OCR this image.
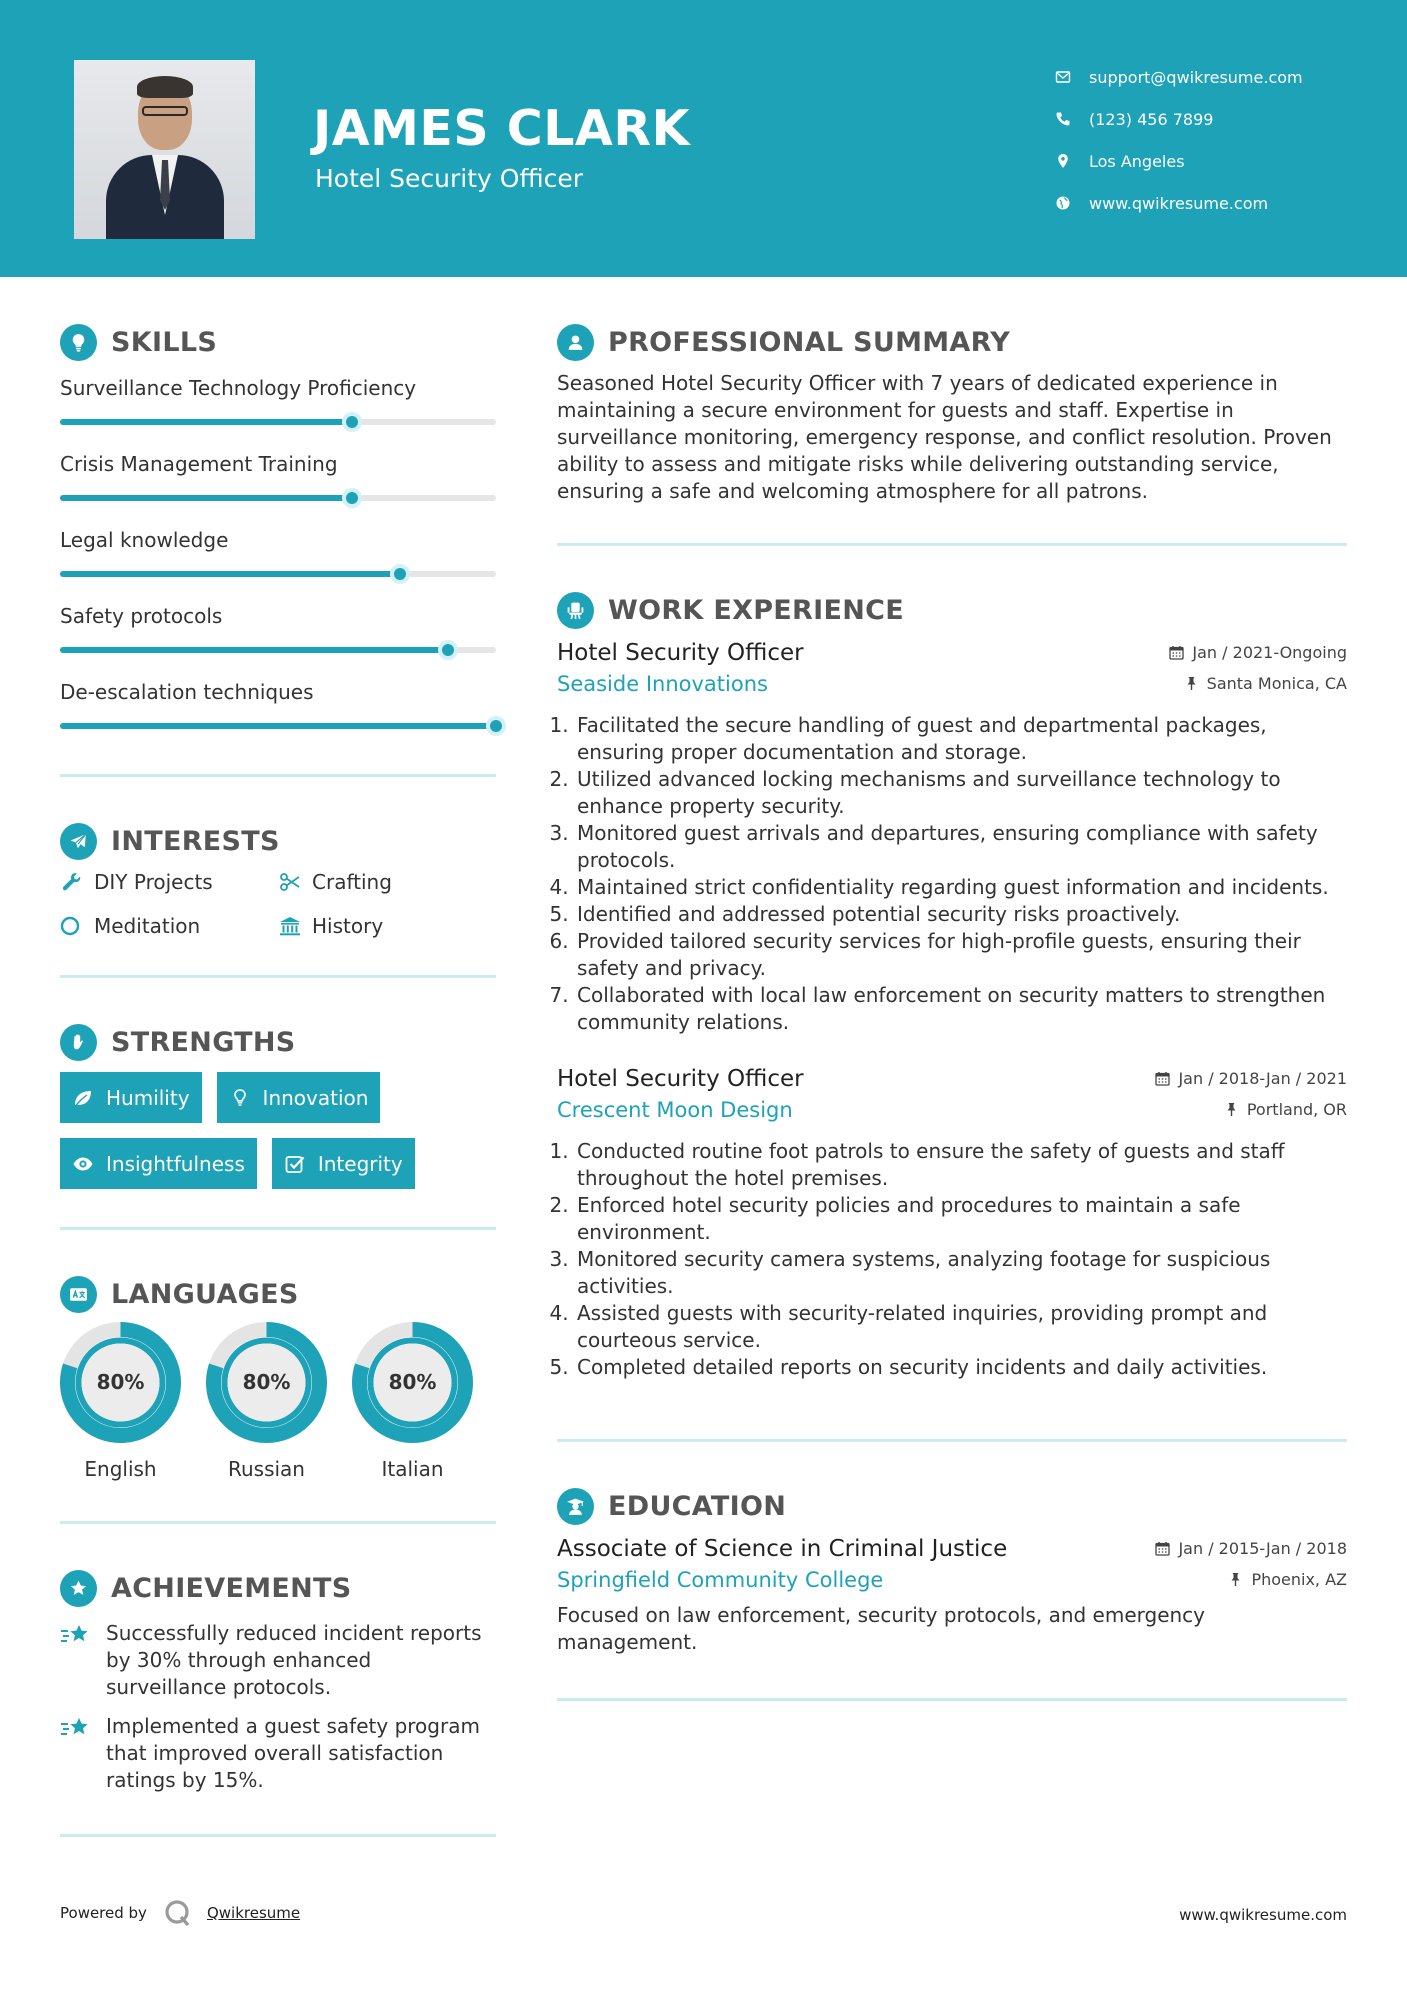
JAMES CLARK
Hotel Security Officer
support@qwikresume.com
(123) 456 7899
Los Angeles
www.qwikresume.com
SKILLS
Surveillance Technology Proficiency
Crisis Management Training
Legal knowledge
Safety protocols
De-escalation techniques
INTERESTS
DIY Projects	Crafting
Meditation	History
STRENGTHS
Humility	Innovation
Insightfulness	Integrity
LANGUAGES
80%
English
80%
Russian
80%
Italian
ACHIEVEMENTS
Successfully reduced incident reports by 30% through enhanced surveillance protocols.
Implemented a guest safety program that improved overall satisfaction ratings by 15%.
PROFESSIONAL SUMMARY

Seasoned Hotel Security Officer with 7 years of dedicated experience in maintaining a secure environment for guests and staff. Expertise in surveillance monitoring, emergency response, and conflict resolution. Proven ability to assess and mitigate risks while delivering outstanding service, ensuring a safe and welcoming atmosphere for all patrons.

WORK EXPERIENCE
Hotel Security Officer	Jan / 2021-Ongoing
Seaside Innovations	Santa Monica, CA
1. Facilitated the secure handling of guest and departmental packages, ensuring proper documentation and storage.
2. Utilized advanced locking mechanisms and surveillance technology to enhance property security.
3. Monitored guest arrivals and departures, ensuring compliance with safety protocols.
4. Maintained strict confidentiality regarding guest information and incidents.
5. Identified and addressed potential security risks proactively.
6. Provided tailored security services for high-profile guests, ensuring their safety and privacy.
7. Collaborated with local law enforcement on security matters to strengthen community relations.
Hotel Security Officer	Jan / 2018-Jan / 2021
Crescent Moon Design	Portland, OR
1. Conducted routine foot patrols to ensure the safety of guests and staff throughout the hotel premises.
2. Enforced hotel security policies and procedures to maintain a safe environment.
3. Monitored security camera systems, analyzing footage for suspicious activities.
4. Assisted guests with security-related inquiries, providing prompt and courteous service.
5. Completed detailed reports on security incidents and daily activities.
EDUCATION
Associate of Science in Criminal Justice	Jan / 2015-Jan / 2018
Springfield Community College	Phoenix, AZ

Focused on law enforcement, security protocols, and emergency management.

Powered by	Qwikresume	www.qwikresume.com
